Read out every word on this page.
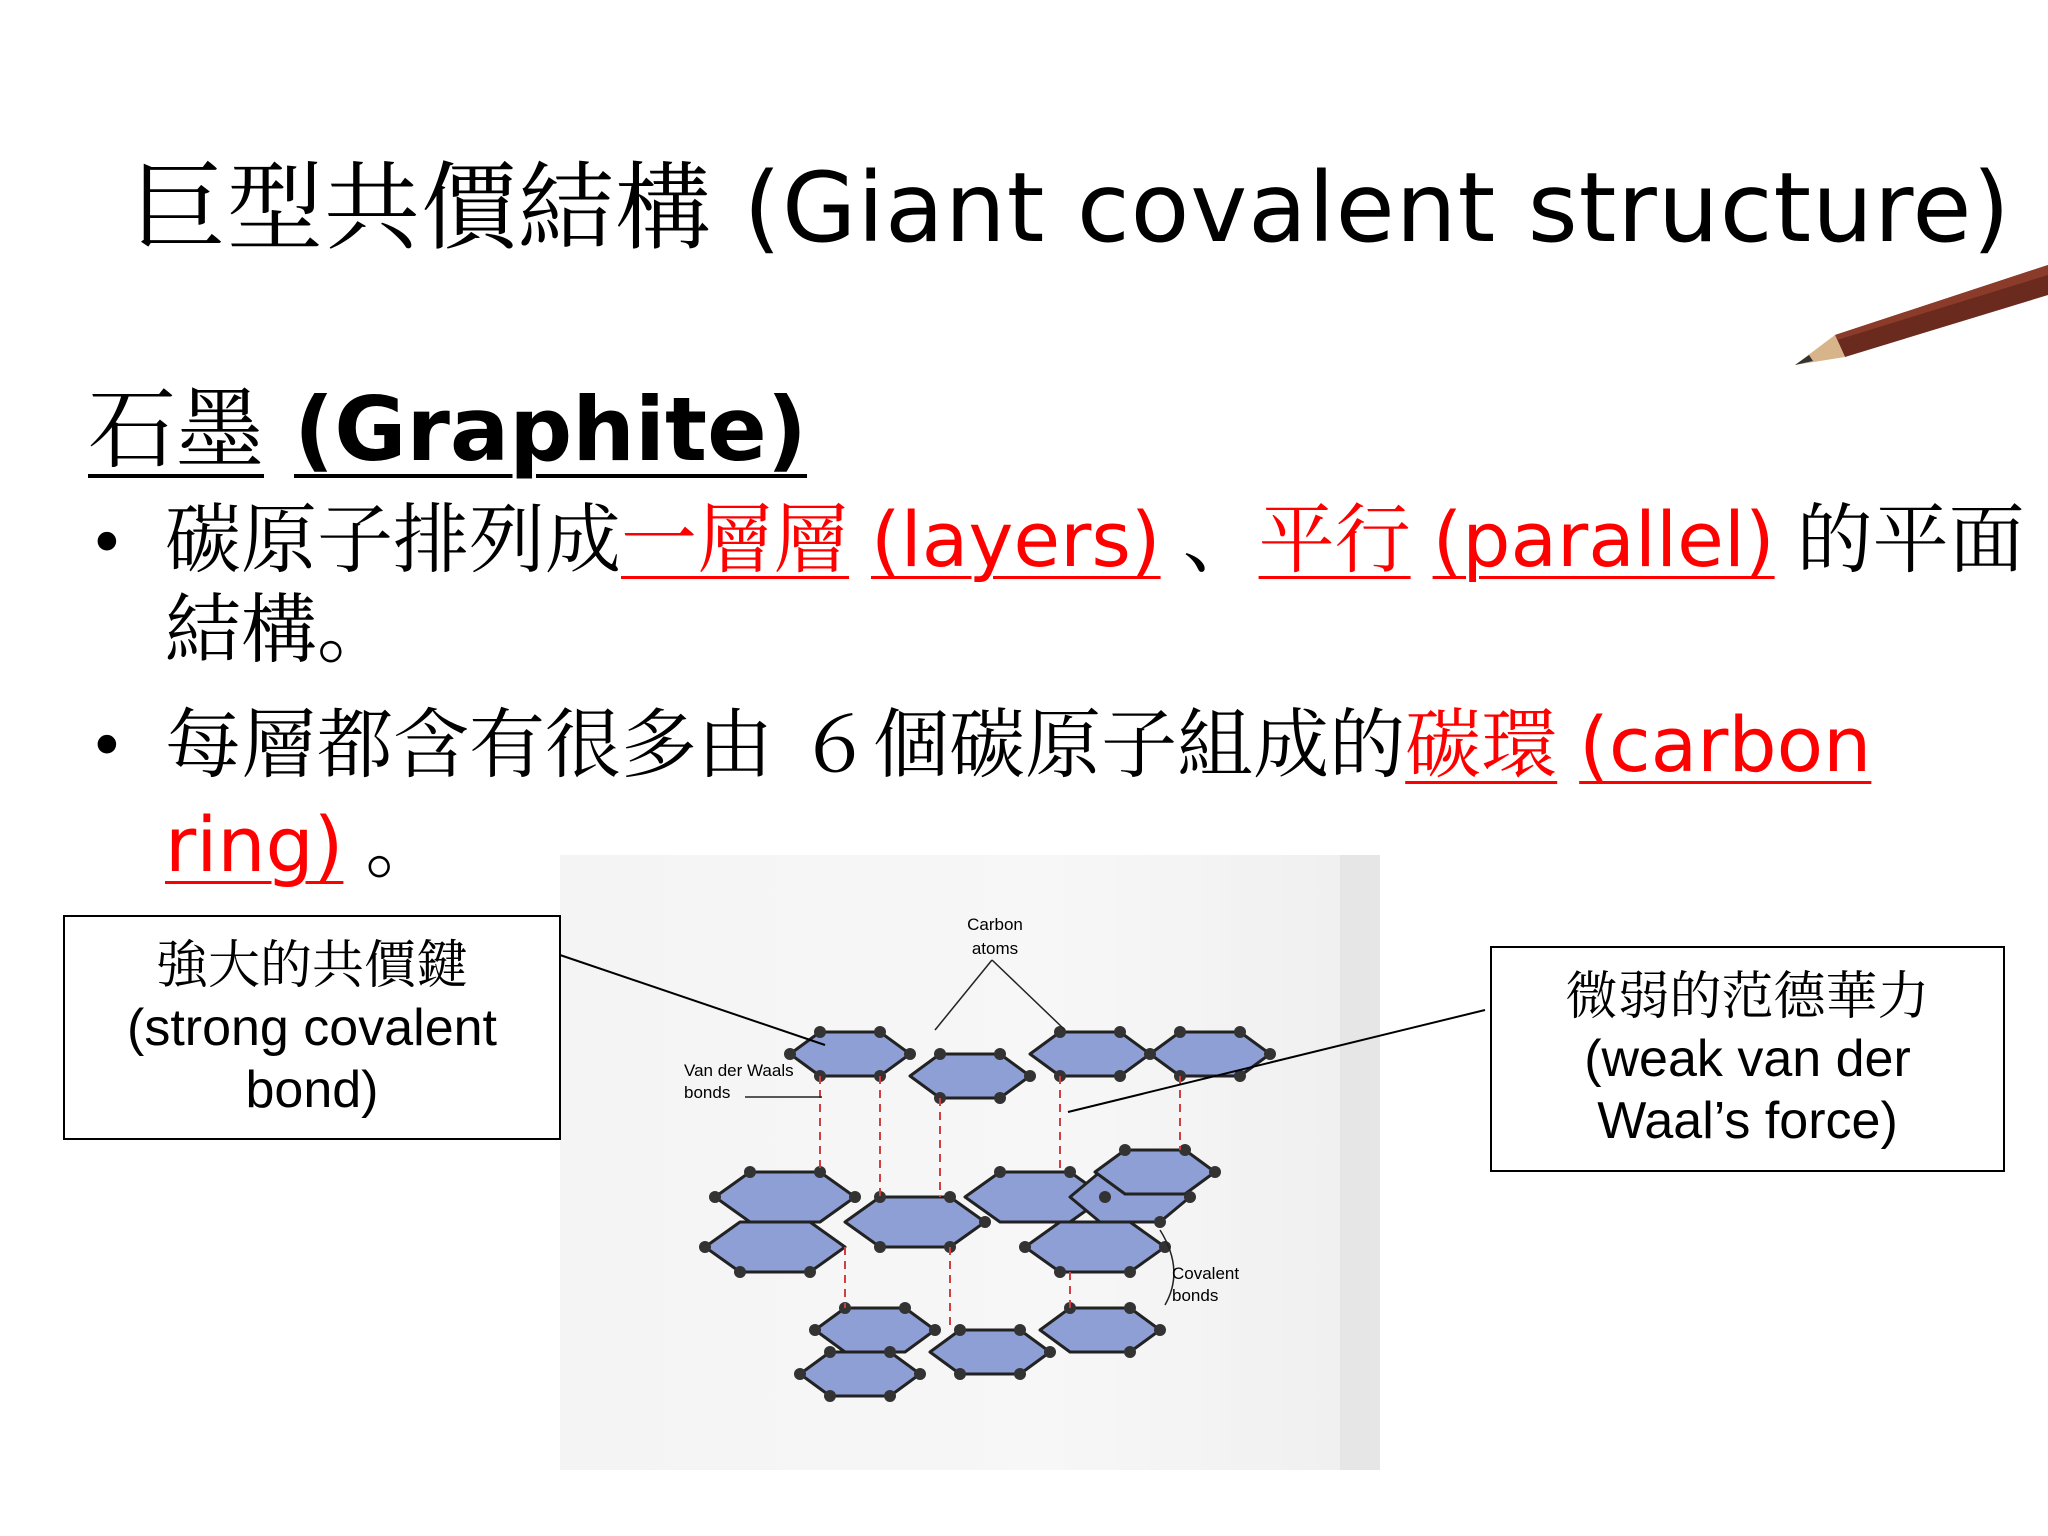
巨型共價結構 (Giant covalent structure)
石墨 (Graphite)
• 碳原子排列成一層層 (layers) 、平行 (parallel) 的平面
結構。
• 每層都含有很多由 ６個碳原子組成的碳環 (carbon
ring) 。
Carbon
atoms
Van der Waals
bonds
Covalent
bonds
強大的共價鍵
(strong covalent
bond)
微弱的范德華力
(weak van der
Waal’s force)
